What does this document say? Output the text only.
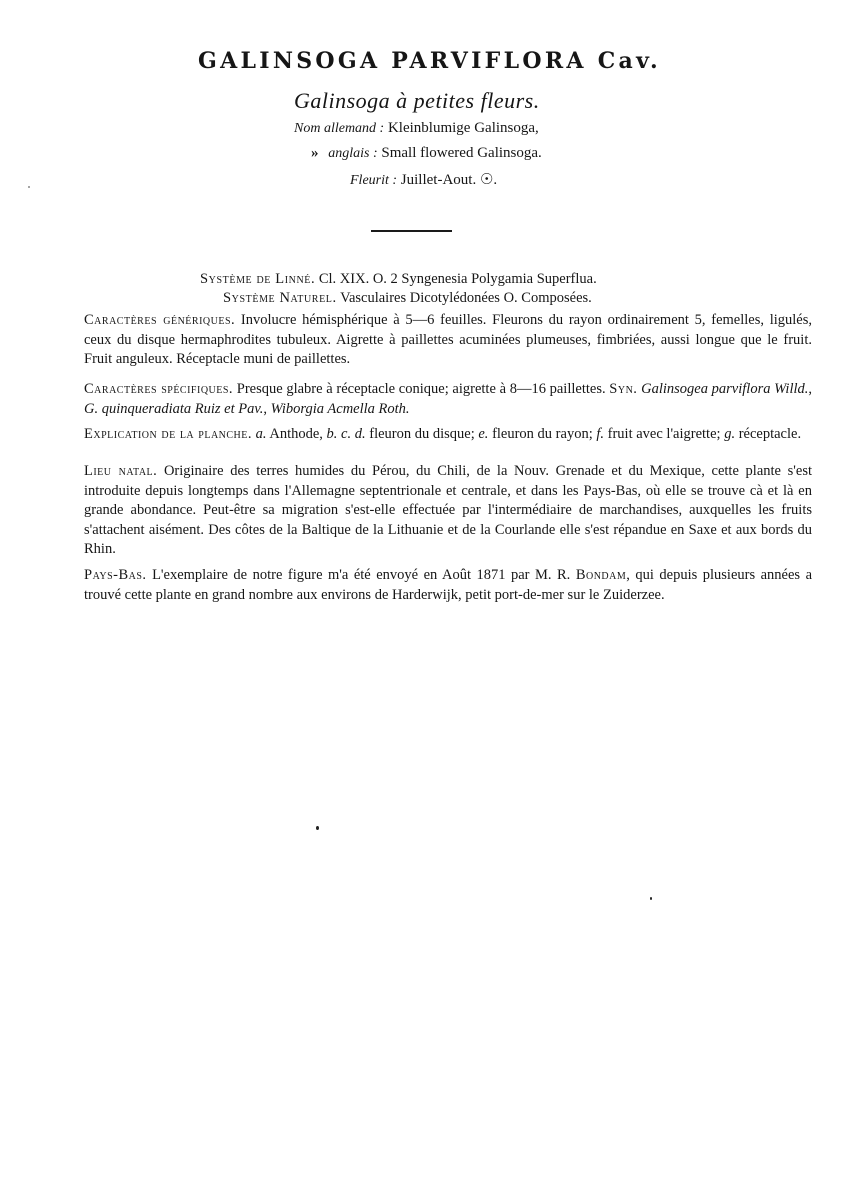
GALINSOGA PARVIFLORA Cav.
Galinsoga à petites fleurs.
Nom allemand : Kleinblumige Galinsoga,
» anglais : Small flowered Galinsoga.
Fleurit : Juillet-Aout. ☉.
Système de Linné. Cl. XIX. O. 2 Syngenesia Polygamia Superflua.
Système Naturel. Vasculaires Dicotylédonées O. Composées.
Caractères génériques. Involucre hémisphérique à 5—6 feuilles. Fleurons du rayon ordinairement 5, femelles, ligulés, ceux du disque hermaphrodites tubuleux. Aigrette à paillettes acuminées plumeuses, fimbriées, aussi longue que le fruit. Fruit anguleux. Réceptacle muni de paillettes.
Caractères spécifiques. Presque glabre à réceptacle conique; aigrette à 8—16 paillettes. Syn. Galinsogea parviflora Willd., G. quinqueradiata Ruiz et Pav., Wiborgia Acmella Roth.
Explication de la planche. a. Anthode, b. c. d. fleuron du disque; e. fleuron du rayon; f. fruit avec l'aigrette; g. réceptacle.
Lieu natal. Originaire des terres humides du Pérou, du Chili, de la Nouv. Grenade et du Mexique, cette plante s'est introduite depuis longtemps dans l'Allemagne septentrionale et centrale, et dans les Pays-Bas, où elle se trouve cà et là en grande abondance. Peut-être sa migration s'est-elle effectuée par l'intermédiaire de marchandises, auxquelles les fruits s'attachent aisément. Des côtes de la Baltique de la Lithuanie et de la Courlande elle s'est répandue en Saxe et aux bords du Rhin.
Pays-Bas. L'exemplaire de notre figure m'a été envoyé en Août 1871 par M. R. Bondam, qui depuis plusieurs années a trouvé cette plante en grand nombre aux environs de Harderwijk, petit port-de-mer sur le Zuiderzee.
